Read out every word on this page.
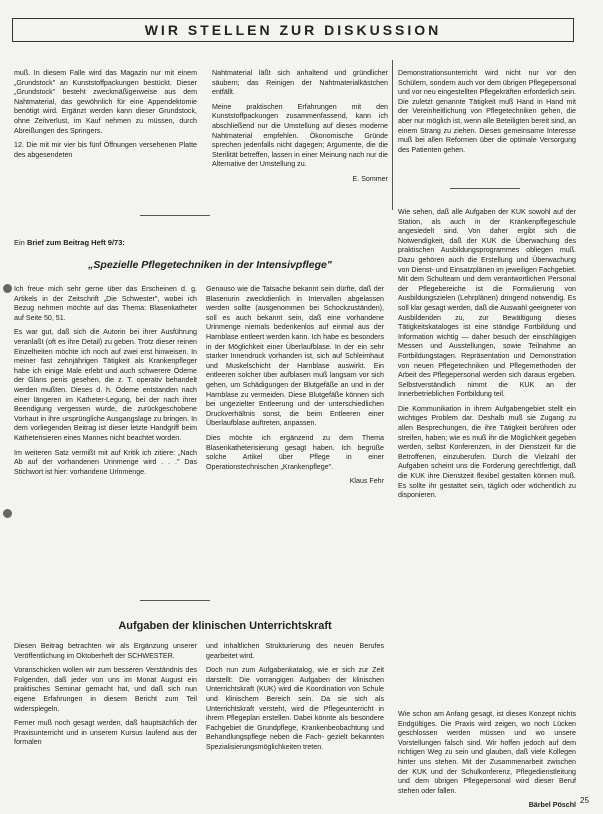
WIR STELLEN ZUR DISKUSSION

muß. In diesem Falle wird das Magazin nur mit einem „Grundstock" an Kunststoffpackungen bestückt. Dieser „Grundstock" besteht zweckmäßigerweise aus dem Nahtmaterial, das gewöhnlich für eine Appendektomie benötigt wird. Ergänzt werden kann dieser Grundstock, ohne Zeitverlust, im Kauf nehmen zu müssen, durch Abreißungen des Springers.

12. Die mit mir vier bis fünf Öffnungen versehenen Platte des abgesendeten

Nahtmaterial läßt sich anhaltend und gründlicher säubern; das Reinigen der Nahtmaterialkästchen entfällt.

Meine praktischen Erfahrungen mit den Kunststoffpackungen zusammenfassend, kann ich abschließend nur die Umstellung auf dieses moderne Nahtmaterial empfehlen. Ökonomische Gründe sprechen jedenfalls nicht dagegen; Argumente, die die Sterilität betreffen, lassen in einer Meinung nach nur die Alternative der Umstellung zu.

E. Sommer
Ein Brief zum Beitrag Heft 9/73:
„Spezielle Pflegetechniken in der Intensivpflege"

Ich freue mich sehr gerne über das Erscheinen d. g. Artikels in der Zeitschrift „Die Schwester", wobei ich Bezug nehmen möchte auf das Thema: Blasenkatheter auf Seite 50, 51.

Es war gut, daß sich die Autorin bei ihrer Ausführung veranlaßt (oft es ihre Detail) zu geben. Trotz dieser reinen Einzelheiten möchte ich noch auf zwei erst hinweisen. In meiner fast zehnjährigen Tätigkeit als Krankenpfleger habe ich einige Male erlebt und auch schwerere Ödeme der Glans penis gesehen, die z. T. operativ behandelt werden mußten. Dieses d. h. Ödeme entstanden nach einer längeren im Katheter-Legung, bei der nach ihrer Beendigung vergessen wurde, die zurückgeschobene Vorhaut in ihre ursprüngliche Ausgangslage zu bringen. In dem vorliegenden Beitrag ist dieser letzte Handgriff beim Katheterisieren eines Mannes nicht beachtet worden.

Im weiteren Satz vermißt mit auf Kritik ich zitiere: „Nach Ab auf der vorhandenen Urinmenge wird . . ." Das Stichwort ist hier: vorhandene Urinmenge.

Genauso wie die Tatsache bekannt sein dürfte, daß der Blasenurin zweckdienlich in Intervallen abgelassen werden sollte (ausgenommen bei Schockzuständen), soll es auch bekannt sein, daß eine vorhandene Urinmenge niemals bedenkenlos auf einmal aus der Harnblase entleert werden kann. Ich habe es besonders in der Möglichkeit einer Überlaufblase. In der ein sehr starker Innendruck vorhanden ist, sich auf Schleimhaut und Muskelschicht der Harnblase auswirkt. Ein entleeren solcher über aufblasen muß langsam vor sich gehen, um Schädigungen der Blutgefäße an und in der Harnblase zu vermeiden. Diese Blutgefäße können sich bei ungezielter Entleerung und der unterschiedlichen Druckverhältnis sonst, die beim Entleeren einer Überlaufblase auftreten, anpassen.

Dies möchte ich ergänzend zu dem Thema Blasenkatheterisierung gesagt haben. Ich begrüße solche Artikel über Pflege in einer Operationstechnischen „Krankenpflege".

Klaus Fehr
Aufgaben der klinischen Unterrichtskraft

Diesen Beitrag betrachten wir als Ergänzung unserer Veröffentlichung im Oktoberheft der SCHWESTER.

Voranschicken wollen wir zum besseren Verständnis des Folgenden, daß jeder von uns im Monat August ein praktisches Seminar gemacht hat, und daß sich nun eigene Erfahrungen in diesem Bericht zum Teil widerspiegeln.

Ferner muß noch gesagt werden, daß hauptsächlich der Praxisunterricht und in unserem Kursus laufend aus der formalen

und inhaltlichen Strukturierung des neuen Berufes gearbeitet wird.

Doch nun zum Aufgabenkatalog, wie er sich zur Zeit darstellt: Die vorrangigen Aufgaben der klinischen Unterrichtskraft (KUK) wird die Koordination von Schule und klinischem Bereich sein. Da sie sich als Unterrichtskraft versteht, wird die Pflegeunterricht in ihrem Pflegeplan erstellen. Dabei könnte als besondere Fachgebiet die Grundpflege, Krankenbeobachtung und Behandlungspflege neben die Fach- gezielt bekannten Spezialisierungsmöglichkeiten treten.

Demonstrationsunterricht wird nicht nur vor den Schülern, sondern auch vor dem übrigen Pflegepersonal und vor neu eingestellten Pflegekräften erforderlich sein. Die zuletzt genannte Tätigkeit muß Hand in Hand mit der Vereinheitlichung von Pflegetechniken gehen, die aber nur möglich ist, wenn alle Beteiligten bereit sind, an einem Strang zu ziehen. Dieses gemeinsame Interesse muß bei allen Reformen über die optimale Versorgung des Patienten gehen.

Wie sehen, daß alle Aufgaben der KUK sowohl auf der Station, als auch in der Krankenpflegeschule angesiedelt sind. Von daher ergibt sich die Notwendigkeit, daß der KUK die Überwachung des praktischen Ausbildungsprogrammes obliegen muß. Dazu gehören auch die Erstellung und Überwachung von Dienst- und Einsatzplänen im jeweiligen Fachgebiet. Mit dem Schulteam und dem verantwortlichen Personal der Pflegebereiche ist die Formulierung von Ausbildungszielen (Lehrplänen) dringend notwendig. Es soll klar gesagt werden, daß die Auswahl geeigneter von Ausbildenden zu, zur Bewältigung dieses Tätigkeitskataloges ist eine ständige Fortbildung und Information wichtig — daher besuch der einschlägigen Messen und Ausstellungen, sowie Teilnahme an Fortbildungstagen. Repräsentation und Demonstration von neuen Pflegetechniken und Pflegemethoden der Arbeit des Pflegepersonal werden sich daraus ergeben. Selbstverständlich nimmt die KUK an der Innerbetrieblichen Fortbildung teil.

Die Kommunikation in ihrem Aufgabengebiet stellt ein wichtiges Problem dar. Deshalb muß sie Zugang zu allen Besprechungen, die ihre Tätigkeit berühren oder streifen, haben; wie es muß ihr die Möglichkeit gegeben werden, selbst Konferenzen, in der Dienstzeit für die Betroffenen, einzuberufen. Durch die Vielzahl der Aufgaben scheint uns die Forderung gerechtfertigt, daß die KUK ihre Dienstzeit flexibel gestalten können muß. Es sollte ihr gestattet sein, täglich oder wöchentlich zu disponieren.

Wie schon am Anfang gesagt, ist dieses Konzept nichts Endgültiges. Die Praxis wird zeigen, wo noch Lücken geschlossen werden müssen und wo unsere Vorstellungen falsch sind. Wir hoffen jedoch auf dem richtigen Weg zu sein und glauben, daß viele Kollegen hinter uns stehen. Mit der Zusammenarbeit zwischen der KUK und der Schulkonferenz, Pflegedienstleitung und dem übrigen Pflegepersonal wird dieser Beruf stehen oder fallen.

Bärbel Pöschl
25
